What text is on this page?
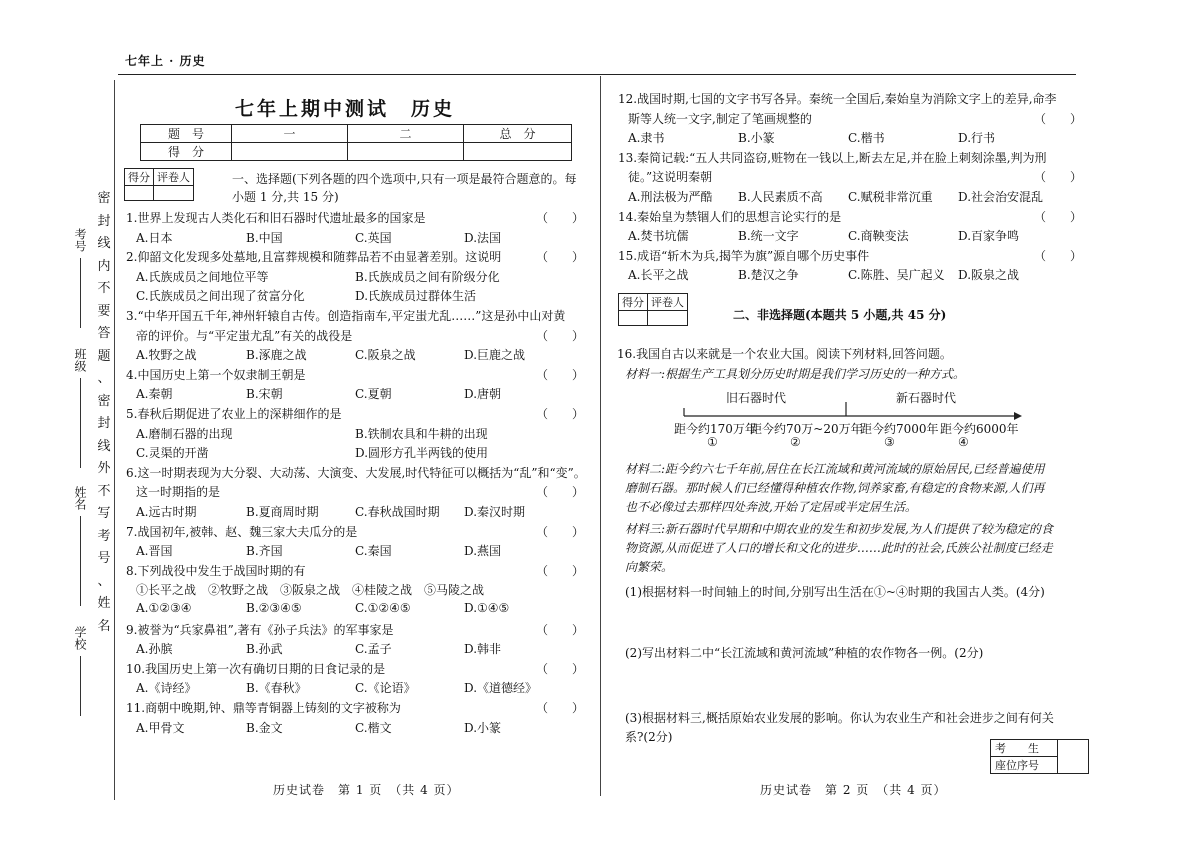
七年上 · 历史
考号
班级
姓名
学校
密
封
线
内
不
要
答
题
、
密
封
线
外
不
写
考
号
、
姓
名
七年上期中测试　历史
题　号	一	二	总　分
得　分			
得分	评卷人
		一、选择题(下列各题的四个选项中,只有一项是最符合题意的。每
小题 1 分,共 15 分)
1.世界上发现古人类化石和旧石器时代遗址最多的国家是	（　　）
A.日本	B.中国	C.英国	D.法国
2.仰韶文化发现多处墓地,且富葬规模和随葬品若不由显著差别。这说明	（　　）
A.氏族成员之间地位平等	B.氏族成员之间有阶级分化
C.氏族成员之间出现了贫富分化	D.氏族成员过群体生活
3.“中华开国五千年,神州轩辕自古传。创造指南车,平定蚩尤乱……”这是孙中山对黄
帝的评价。与“平定蚩尤乱”有关的战役是	（　　）
A.牧野之战	B.涿鹿之战	C.阪泉之战	D.巨鹿之战
4.中国历史上第一个奴隶制王朝是	（　　）
A.秦朝	B.宋朝	C.夏朝	D.唐朝
5.春秋后期促进了农业上的深耕细作的是	（　　）
A.磨制石器的出现	B.铁制农具和牛耕的出现
C.灵渠的开凿	D.圆形方孔半两钱的使用
6.这一时期表现为大分裂、大动荡、大演变、大发展,时代特征可以概括为“乱”和“变”。
这一时期指的是	（　　）
A.远古时期	B.夏商周时期	C.春秋战国时期 D.秦汉时期
7.战国初年,被韩、赵、魏三家大夫瓜分的是	（　　）
A.晋国	B.齐国	C.秦国	D.燕国
8.下列战役中发生于战国时期的有	（　　）
①长平之战　②牧野之战　③阪泉之战　④桂陵之战　⑤马陵之战
A.①②③④	B.②③④⑤	C.①②④⑤	D.①④⑤
9.被誉为“兵家鼻祖”,著有《孙子兵法》的军事家是	（　　）
A.孙膑	B.孙武	C.孟子	D.韩非
10.我国历史上第一次有确切日期的日食记录的是	（　　）
A.《诗经》	B.《春秋》	C.《论语》	D.《道德经》
11.商朝中晚期,钟、鼎等青铜器上铸刻的文字被称为	（　　）
A.甲骨文	B.金文	C.楷文	D.小篆
12.战国时期,七国的文字书写各异。秦统一全国后,秦始皇为消除文字上的差异,命李
斯等人统一文字,制定了笔画规整的	（　　）
A.隶书	B.小篆	C.楷书	D.行书
13.秦简记载:“五人共同盗窃,赃物在一钱以上,断去左足,并在脸上刺刻涂墨,判为刑
徒。”这说明秦朝	（　　）
A.刑法极为严酷 B.人民素质不高 C.赋税非常沉重 D.社会治安混乱
14.秦始皇为禁锢人们的思想言论实行的是	（　　）
A.焚书坑儒	B.统一文字	C.商鞅变法	D.百家争鸣
15.成语“斩木为兵,揭竿为旗”源自哪个历史事件	（　　）
A.长平之战	B.楚汉之争	C.陈胜、吴广起义 D.阪泉之战
得分	评卷人

二、非选择题(本题共 5 小题,共 45 分)
16.我国自古以来就是一个农业大国。阅读下列材料,回答问题。
材料一:根据生产工具划分历史时期是我们学习历史的一种方式。
旧石器时代	新石器时代
距今约170万年
距今约70万~20万年
距今约7000年 距今约6000年
①	②	③	④
材料二:距今约六七千年前,居住在长江流域和黄河流域的原始居民,已经普遍使用
磨制石器。那时候人们已经懂得种植农作物,饲养家畜,有稳定的食物来源,人们再
也不必像过去那样四处奔波,开始了定居或半定居生活。
材料三:新石器时代早期和中期农业的发生和初步发展,为人们提供了较为稳定的食
物资源,从而促进了人口的增长和文化的进步……此时的社会,氏族公社制度已经走
向繁荣。
(1)根据材料一时间轴上的时间,分别写出生活在①~④时期的我国古人类。(4分)
(2)写出材料二中“长江流域和黄河流域”种植的农作物各一例。(2分)
(3)根据材料三,概括原始农业发展的影响。你认为农业生产和社会进步之间有何关
系?(2分)
考　　生	
座位序号
历史试卷　第 1 页　（共 4 页）	历史试卷　第 2 页　（共 4 页）
